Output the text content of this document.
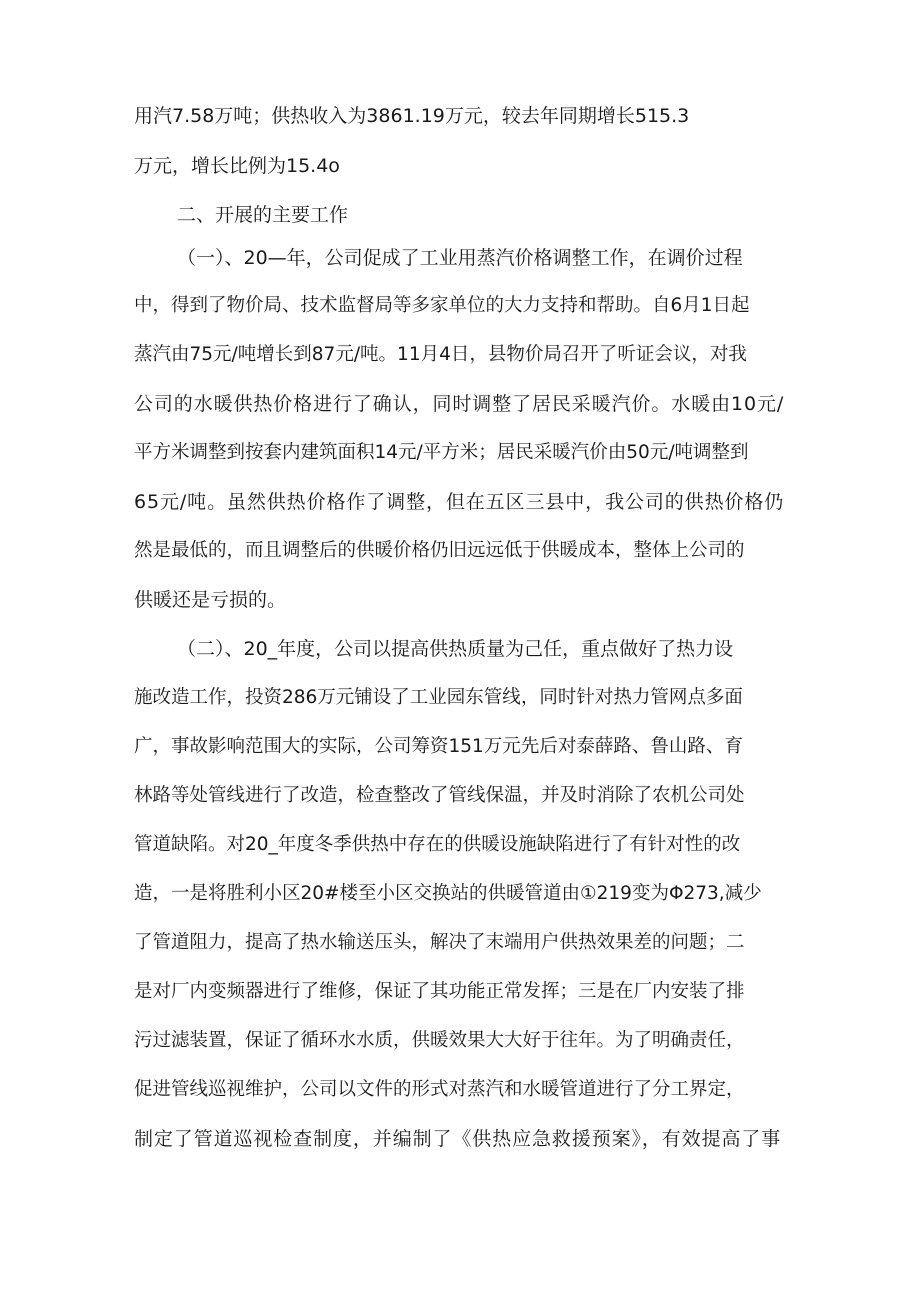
用汽7.58万吨；供热收入为3861.19万元，较去年同期增长515.3

万元，增长比例为15.4o

二、开展的主要工作

（一）、20—年，公司促成了工业用蒸汽价格调整工作，在调价过程

中，得到了物价局、技术监督局等多家单位的大力支持和帮助。自6月1日起

蒸汽由75元/吨增长到87元/吨。11月4日，县物价局召开了听证会议，对我

公司的水暖供热价格进行了确认，同时调整了居民采暖汽价。水暖由10元/

平方米调整到按套内建筑面积14元/平方米；居民采暖汽价由50元/吨调整到

65元/吨。虽然供热价格作了调整，但在五区三县中，我公司的供热价格仍

然是最低的，而且调整后的供暖价格仍旧远远低于供暖成本，整体上公司的

供暖还是亏损的。

（二）、20_年度，公司以提高供热质量为己任，重点做好了热力设

施改造工作，投资286万元铺设了工业园东管线，同时针对热力管网点多面

广，事故影响范围大的实际，公司筹资151万元先后对泰薛路、鲁山路、育

林路等处管线进行了改造，检查整改了管线保温，并及时消除了农机公司处

管道缺陷。对20_年度冬季供热中存在的供暖设施缺陷进行了有针对性的改

造，一是将胜利小区20#楼至小区交换站的供暖管道由①219变为Φ273,减少

了管道阻力，提高了热水输送压头，解决了末端用户供热效果差的问题；二

是对厂内变频器进行了维修，保证了其功能正常发挥；三是在厂内安装了排

污过滤装置，保证了循环水水质，供暖效果大大好于往年。为了明确责任，

促进管线巡视维护，公司以文件的形式对蒸汽和水暖管道进行了分工界定，

制定了管道巡视检查制度，并编制了《供热应急救援预案》，有效提高了事
